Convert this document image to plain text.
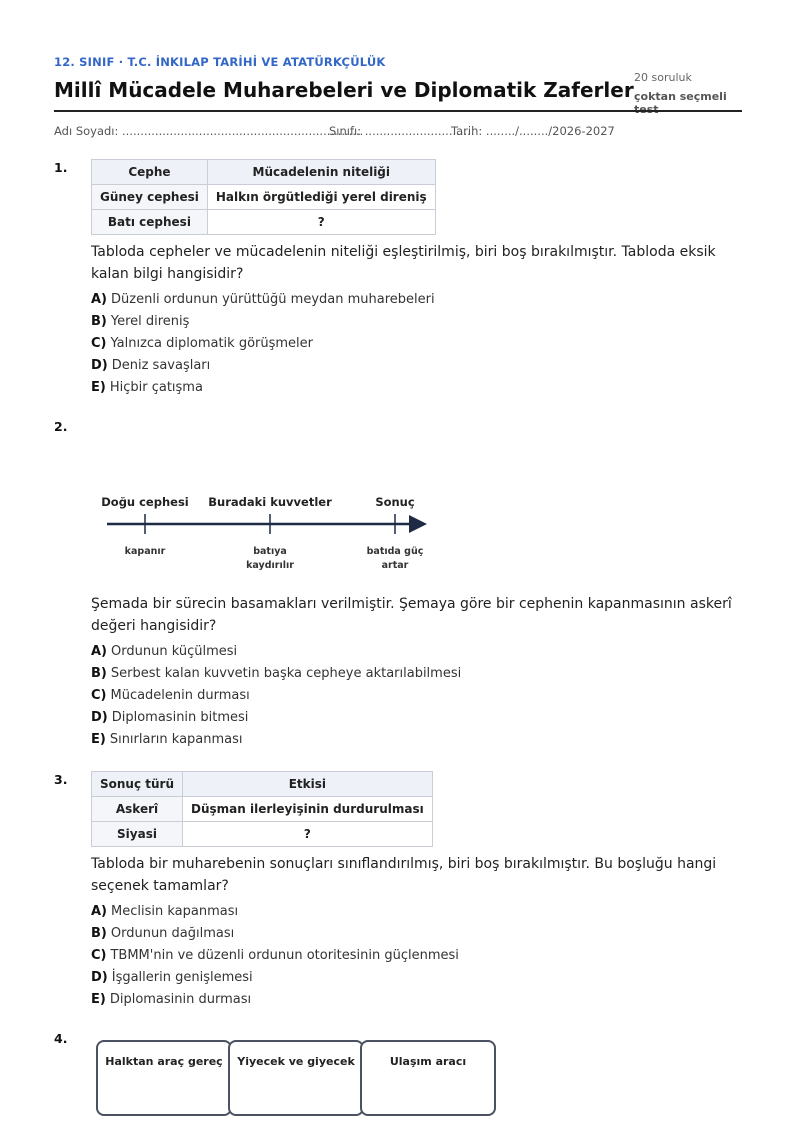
12. SINIF · T.C. İNKILAP TARİHİ VE ATATÜRKÇÜLÜK
Millî Mücadele Muharebeleri ve Diplomatik Zaferler
20 soruluk
çoktan seçmeli test
Adı Soyadı: ..................................................................
Sınıfı: ..............................
Tarih: ......../......../2026-2027
1.	Cephe	Mücadelenin niteliği
Güney cephesi	Halkın örgütlediği yerel direniş
Batı cephesi	?
Tabloda cepheler ve mücadelenin niteliği eşleştirilmiş, biri boş bırakılmıştır. Tabloda eksik kalan bilgi hangisidir?
A) Düzenli ordunun yürüttüğü meydan muharebeleri
B) Yerel direniş
C) Yalnızca diplomatik görüşmeler
D) Deniz savaşları
E) Hiçbir çatışma
2.
Doğu cephesi Buradaki kuvvetler	Sonuç
kapanır	batıya kaydırılır
batıda güç artar
Şemada bir sürecin basamakları verilmiştir. Şemaya göre bir cephenin kapanmasının askerî değeri hangisidir?
A) Ordunun küçülmesi
B) Serbest kalan kuvvetin başka cepheye aktarılabilmesi
C) Mücadelenin durması
D) Diplomasinin bitmesi
E) Sınırların kapanması
3.	Sonuç türü	Etkisi
Askerî	Düşman ilerleyişinin durdurulması
Siyasi	?
Tabloda bir muharebenin sonuçları sınıflandırılmış, biri boş bırakılmıştır. Bu boşluğu hangi seçenek tamamlar?
A) Meclisin kapanması
B) Ordunun dağılması
C) TBMM'nin ve düzenli ordunun otoritesinin güçlenmesi
D) İşgallerin genişlemesi
E) Diplomasinin durması
4.
Halktan araç gereç	Yiyecek ve giyecek	Ulaşım aracı
